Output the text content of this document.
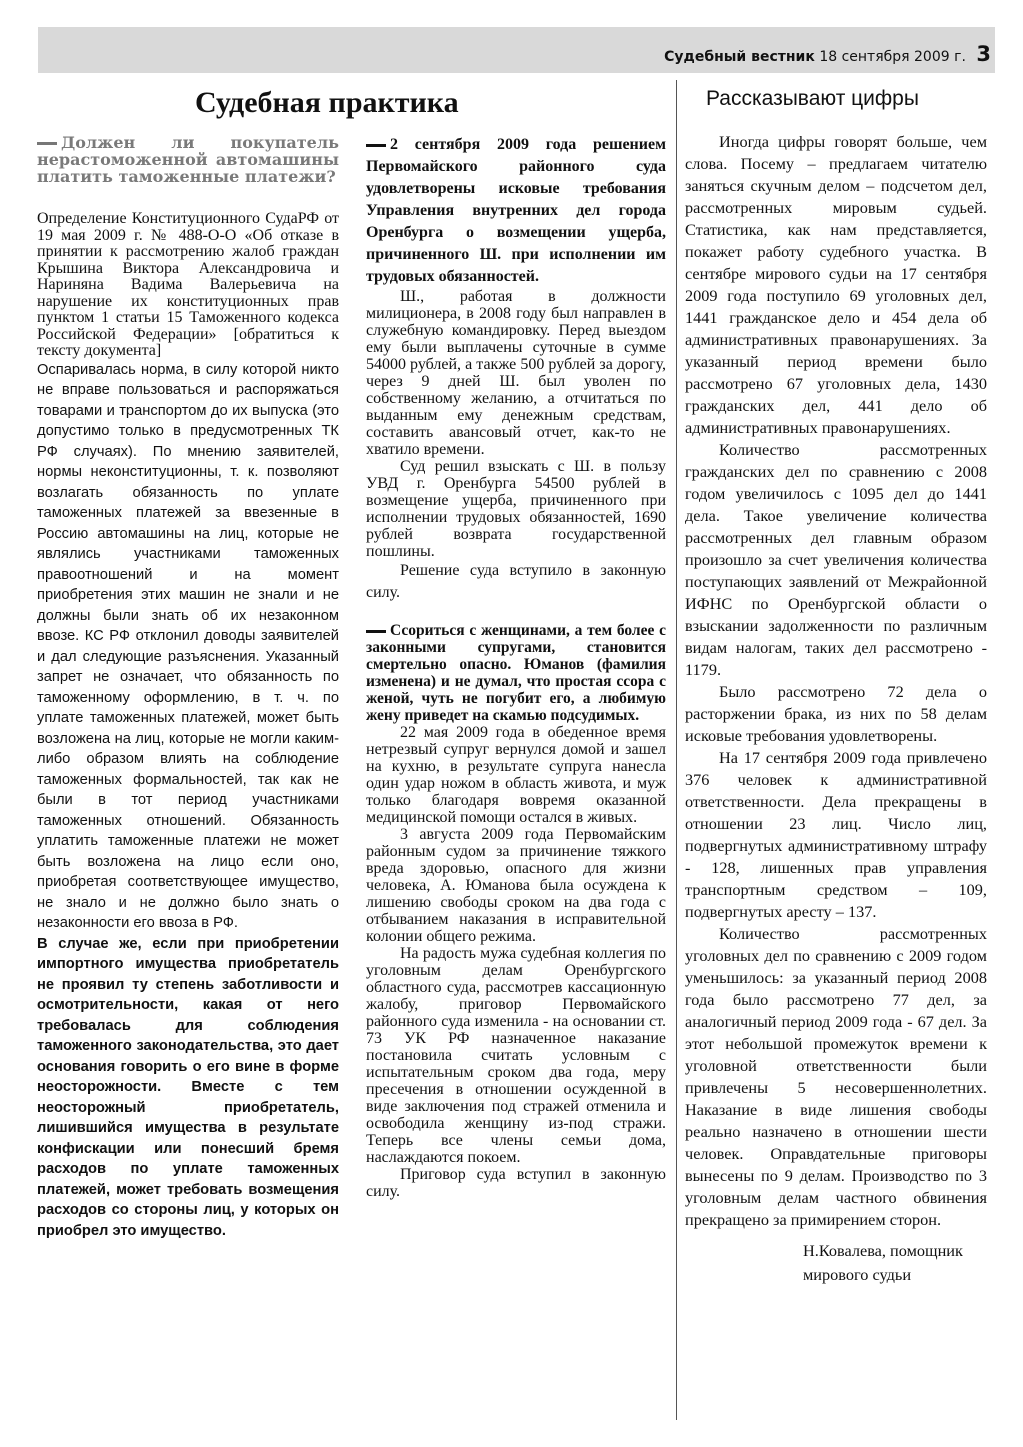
Судебный вестник 18 сентября 2009 г. 3
Судебная практика	Рассказывают цифры

Должен ли покупатель нерастоможенной автомашины платить таможенные платежи?

Определение Конституционного СудаРФ от 19 мая 2009 г. № 488-О-О «Об отказе в принятии к рассмотрению жалоб граждан Крышина Виктора Александровича и Нариняна Вадима Валерьевича на нарушение их конституционных прав пунктом 1 статьи 15 Таможенного кодекса Российской Федерации» [обратиться к тексту документа]

Оспаривалась норма, в силу которой никто не вправе пользоваться и распоряжаться товарами и транспортом до их выпуска (это допустимо только в предусмотренных ТК РФ случаях). По мнению заявителей, нормы неконституционны, т. к. позволяют возлагать обязанность по уплате таможенных платежей за ввезенные в Россию автомашины на лиц, которые не являлись участниками таможенных правоотношений и на момент приобретения этих машин не знали и не должны были знать об их незаконном ввозе. КС РФ отклонил доводы заявителей и дал следующие разъяснения. Указанный запрет не означает, что обязанность по таможенному оформлению, в т. ч. по уплате таможенных платежей, может быть возложена на лиц, которые не могли каким-либо образом влиять на соблюдение таможенных формальностей, так как не были в тот период участниками таможенных отношений. Обязанность уплатить таможенные платежи не может быть возложена на лицо если оно, приобретая соответствующее имущество, не знало и не должно было знать о незаконности его ввоза в РФ.

В случае же, если при приобретении импортного имущества приобретатель не проявил ту степень заботливости и осмотрительности, какая от него требовалась для соблюдения таможенного законодательства, это дает основания говорить о его вине в форме неосторожности. Вместе с тем неосторожный приобретатель, лишившийся имущества в результате конфискации или понесший бремя расходов по уплате таможенных платежей, может требовать возмещения расходов со стороны лиц, у которых он приобрел это имущество.

2 сентября 2009 года решением Первомайского районного суда удовлетворены исковые требования Управления внутренних дел города Оренбурга о возмещении ущерба, причиненного Ш. при исполнении им трудовых обязанностей.

Ш., работая в должности милиционера, в 2008 году был направлен в служебную командировку. Перед выездом ему были выплачены суточные в сумме 54000 рублей, а также 500 рублей за дорогу, через 9 дней Ш. был уволен по собственному желанию, а отчитаться по выданным ему денежным средствам, составить авансовый отчет, как-то не хватило времени.

Суд решил взыскать с Ш. в пользу УВД г. Оренбурга 54500 рублей в возмещение ущерба, причиненного при исполнении трудовых обязанностей, 1690 рублей возврата государственной пошлины.

Решение суда вступило в законную силу.

Ссориться с женщинами, а тем более с законными супругами, становится смертельно опасно. Юманов (фамилия изменена) и не думал, что простая ссора с женой, чуть не погубит его, а любимую жену приведет на скамью подсудимых.

22 мая 2009 года в обеденное время нетрезвый супруг вернулся домой и зашел на кухню, в результате супруга нанесла один удар ножом в область живота, и муж только благодаря вовремя оказанной медицинской помощи остался в живых.

3 августа 2009 года Первомайским районным судом за причинение тяжкого вреда здоровью, опасного для жизни человека, А. Юманова была осуждена к лишению свободы сроком на два года с отбыванием наказания в исправительной колонии общего режима.

На радость мужа судебная коллегия по уголовным делам Оренбургского областного суда, рассмотрев кассационную жалобу, приговор Первомайского районного суда изменила - на основании ст. 73 УК РФ назначенное наказание постановила считать условным с испытательным сроком два года, меру пресечения в отношении осужденной в виде заключения под стражей отменила и освободила женщину из-под стражи. Теперь все члены семьи дома, наслаждаются покоем.

Приговор суда вступил в законную силу.

Иногда цифры говорят больше, чем слова. Посему – предлагаем читателю заняться скучным делом – подсчетом дел, рассмотренных мировым судьей. Статистика, как нам представляется, покажет работу судебного участка. В сентябре мирового судьи на 17 сентября 2009 года поступило 69 уголовных дел, 1441 гражданское дело и 454 дела об административных правонарушениях. За указанный период времени было рассмотрено 67 уголовных дела, 1430 гражданских дел, 441 дело об административных правонарушениях.

Количество рассмотренных гражданских дел по сравнению с 2008 годом увеличилось с 1095 дел до 1441 дела. Такое увеличение количества рассмотренных дел главным образом произошло за счет увеличения количества поступающих заявлений от Межрайонной ИФНС по Оренбургской области о взыскании задолженности по различным видам налогам, таких дел рассмотрено - 1179.

Было рассмотрено 72 дела о расторжении брака, из них по 58 делам исковые требования удовлетворены.

На 17 сентября 2009 года привлечено 376 человек к административной ответственности. Дела прекращены в отношении 23 лиц. Число лиц, подвергнутых административному штрафу - 128, лишенных прав управления транспортным средством – 109, подвергнутых аресту – 137.

Количество рассмотренных уголовных дел по сравнению с 2009 годом уменьшилось: за указанный период 2008 года было рассмотрено 77 дел, за аналогичный период 2009 года - 67 дел. За этот небольшой промежуток времени к уголовной ответственности были привлечены 5 несовершеннолетних. Наказание в виде лишения свободы реально назначено в отношении шести человек. Оправдательные приговоры вынесены по 9 делам. Производство по 3 уголовным делам частного обвинения прекращено за примирением сторон.

Н.Ковалева, помощник
мирового судьи
